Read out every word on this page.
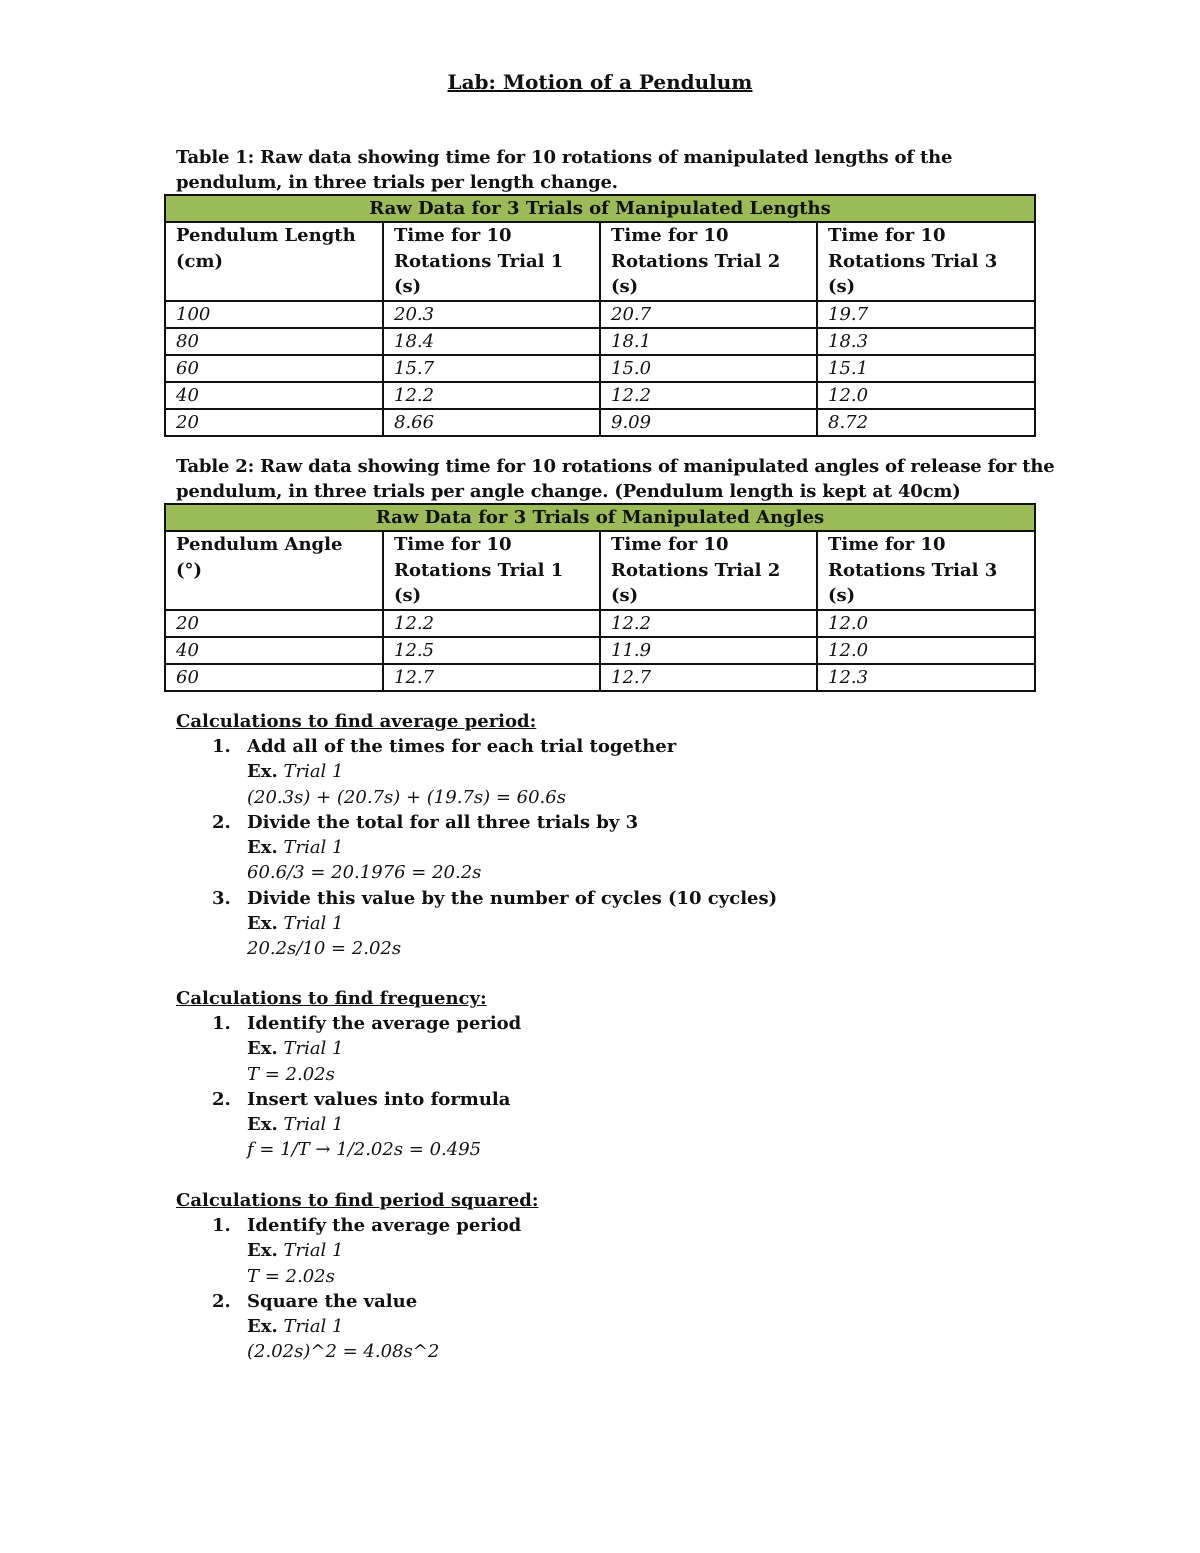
Lab: Motion of a Pendulum
Table 1: Raw data showing time for 10 rotations of manipulated lengths of the pendulum, in three trials per length change.
Raw Data for 3 Trials of Manipulated Lengths			
Pendulum Length (cm)	Time for 10 Rotations Trial 1 (s)	Time for 10 Rotations Trial 2 (s)	Time for 10 Rotations Trial 3 (s)
100	20.3	20.7	19.7
80	18.4	18.1	18.3
60	15.7	15.0	15.1
40	12.2	12.2	12.0
20	8.66	9.09	8.72
Table 2: Raw data showing time for 10 rotations of manipulated angles of release for the pendulum, in three trials per angle change. (Pendulum length is kept at 40cm)
Raw Data for 3 Trials of Manipulated Angles			
Pendulum Angle (°)	Time for 10 Rotations Trial 1 (s)	Time for 10 Rotations Trial 2 (s)	Time for 10 Rotations Trial 3 (s)
20	12.2	12.2	12.0
40	12.5	11.9	12.0
60	12.7	12.7	12.3
Calculations to find average period:
1. Add all of the times for each trial together
Ex. Trial 1
(20.3s) + (20.7s) + (19.7s) = 60.6s
2. Divide the total for all three trials by 3
Ex. Trial 1
60.6/3 = 20.1976 = 20.2s
3. Divide this value by the number of cycles (10 cycles)
Ex. Trial 1
20.2s/10 = 2.02s
Calculations to find frequency:
1. Identify the average period
Ex. Trial 1
T = 2.02s
2. Insert values into formula
Ex. Trial 1
f = 1/T → 1/2.02s = 0.495
Calculations to find period squared:
1. Identify the average period
Ex. Trial 1
T = 2.02s
2. Square the value
Ex. Trial 1
(2.02s)^2 = 4.08s^2
